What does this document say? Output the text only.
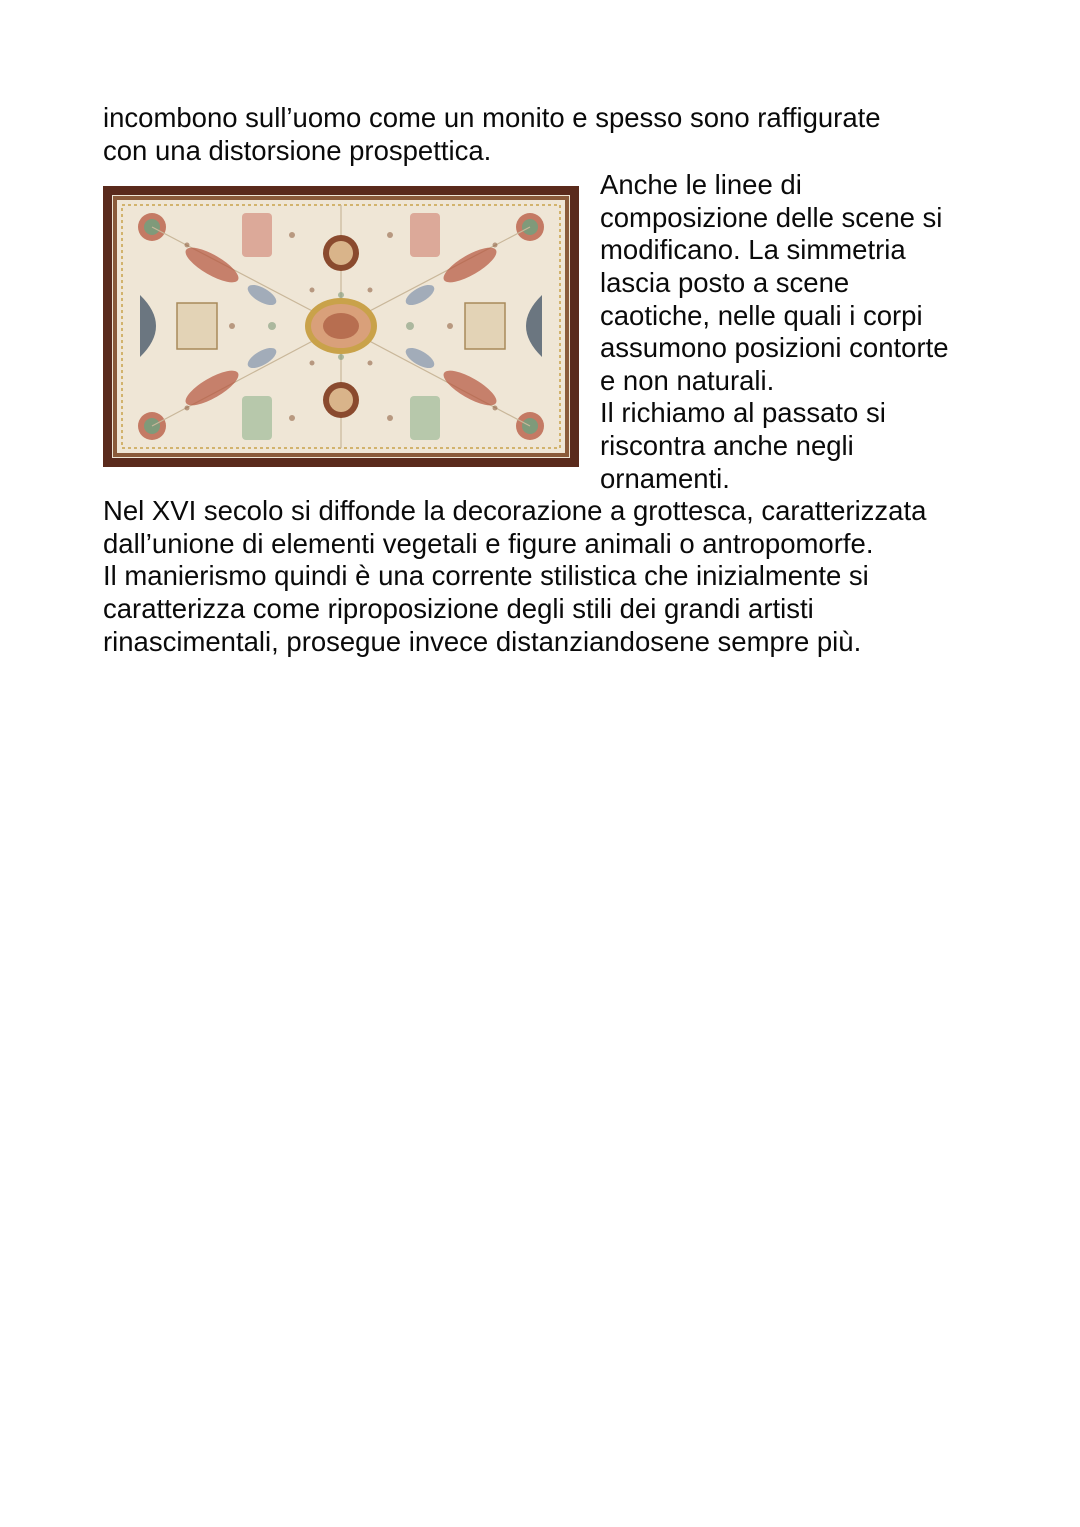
incombono sull’uomo come un monito e spesso sono raffigurate
con una distorsione prospettica.
Anche le linee di
composizione delle scene si
modificano. La simmetria
lascia posto a scene
caotiche, nelle quali i corpi
assumono posizioni contorte
e non naturali.
Il richiamo al passato si
riscontra anche negli
ornamenti.
Nel XVI secolo si diffonde la decorazione a grottesca, caratterizzata
dall’unione di elementi vegetali e figure animali o antropomorfe.
Il manierismo quindi è una corrente stilistica che inizialmente si
caratterizza come riproposizione degli stili dei grandi artisti
rinascimentali, prosegue invece distanziandosene sempre più.
